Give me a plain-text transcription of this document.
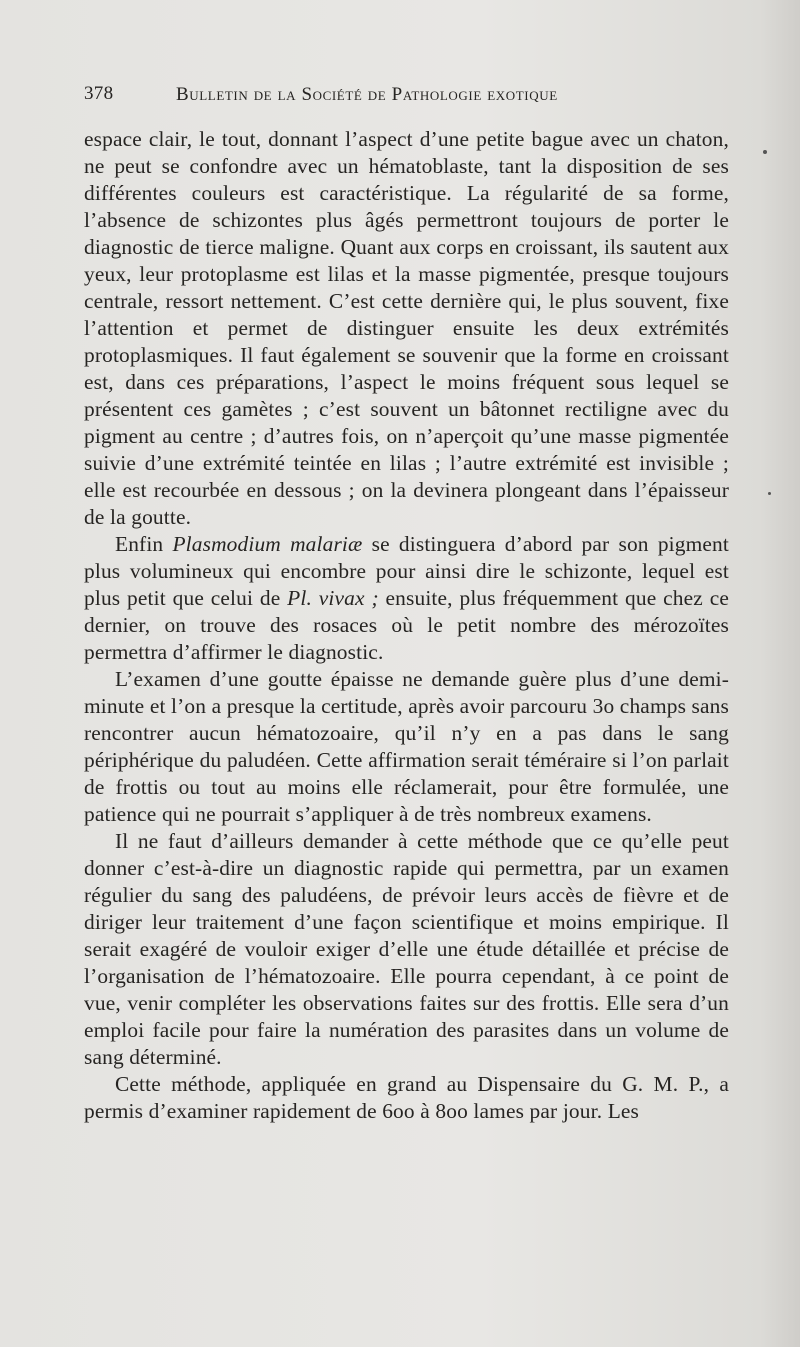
378	Bulletin de la Société de Pathologie exotique

espace clair, le tout, donnant l’aspect d’une petite bague avec un chaton, ne peut se confondre avec un hématoblaste, tant la disposition de ses différentes couleurs est caractéristique. La régularité de sa forme, l’absence de schizontes plus âgés permettront toujours de porter le diagnostic de tierce maligne. Quant aux corps en croissant, ils sautent aux yeux, leur protoplasme est lilas et la masse pigmentée, presque toujours centrale, ressort nettement. C’est cette dernière qui, le plus souvent, fixe l’attention et permet de distinguer ensuite les deux extrémités protoplasmiques. Il faut également se souvenir que la forme en croissant est, dans ces préparations, l’aspect le moins fréquent sous lequel se présentent ces gamètes ; c’est souvent un bâtonnet rectiligne avec du pigment au centre ; d’autres fois, on n’aperçoit qu’une masse pigmentée suivie d’une extrémité teintée en lilas ; l’autre extrémité est invisible ; elle est recourbée en dessous ; on la devinera plongeant dans l’épaisseur de la goutte.

Enfin Plasmodium malariæ se distinguera d’abord par son pigment plus volumineux qui encombre pour ainsi dire le schizonte, lequel est plus petit que celui de Pl. vivax ; ensuite, plus fréquemment que chez ce dernier, on trouve des rosaces où le petit nombre des mérozoïtes permettra d’affirmer le diagnostic.

L’examen d’une goutte épaisse ne demande guère plus d’une demi-minute et l’on a presque la certitude, après avoir parcouru 3o champs sans rencontrer aucun hématozoaire, qu’il n’y en a pas dans le sang périphérique du paludéen. Cette affirmation serait téméraire si l’on parlait de frottis ou tout au moins elle réclamerait, pour être formulée, une patience qui ne pourrait s’appliquer à de très nombreux examens.

Il ne faut d’ailleurs demander à cette méthode que ce qu’elle peut donner c’est-à-dire un diagnostic rapide qui permettra, par un examen régulier du sang des paludéens, de prévoir leurs accès de fièvre et de diriger leur traitement d’une façon scientifique et moins empirique. Il serait exagéré de vouloir exiger d’elle une étude détaillée et précise de l’organisation de l’hématozoaire. Elle pourra cependant, à ce point de vue, venir compléter les observations faites sur des frottis. Elle sera d’un emploi facile pour faire la numération des parasites dans un volume de sang déterminé.

Cette méthode, appliquée en grand au Dispensaire du G. M. P., a permis d’examiner rapidement de 6oo à 8oo lames par jour. Les
